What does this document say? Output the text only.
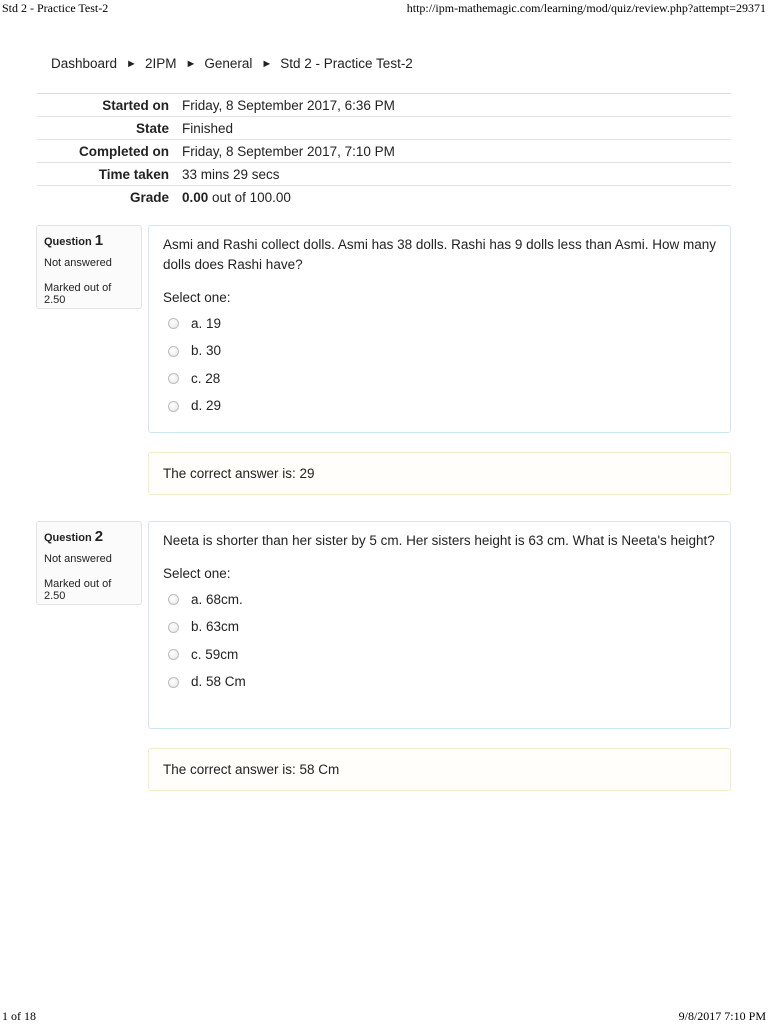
Std 2 - Practice Test-2	http://ipm-mathemagic.com/learning/mod/quiz/review.php?attempt=29371
Dashboard ► 2IPM ► General ► Std 2 - Practice Test-2
Started on Friday, 8 September 2017, 6:36 PM
State Finished
Completed on Friday, 8 September 2017, 7:10 PM
Time taken 33 mins 29 secs
Grade 0.00 out of 100.00
Question 1
Not answered
Marked out of 2.50
Asmi and Rashi collect dolls. Asmi has 38 dolls. Rashi has 9 dolls less than Asmi. How many dolls does Rashi have?
Select one:
a. 19
b. 30
c. 28
d. 29
The correct answer is: 29
Question 2
Not answered
Marked out of 2.50
Neeta is shorter than her sister by 5 cm. Her sisters height is 63 cm. What is Neeta's height?
Select one:
a. 68cm.
b. 63cm
c. 59cm
d. 58 Cm
The correct answer is: 58 Cm
1 of 18	9/8/2017 7:10 PM
